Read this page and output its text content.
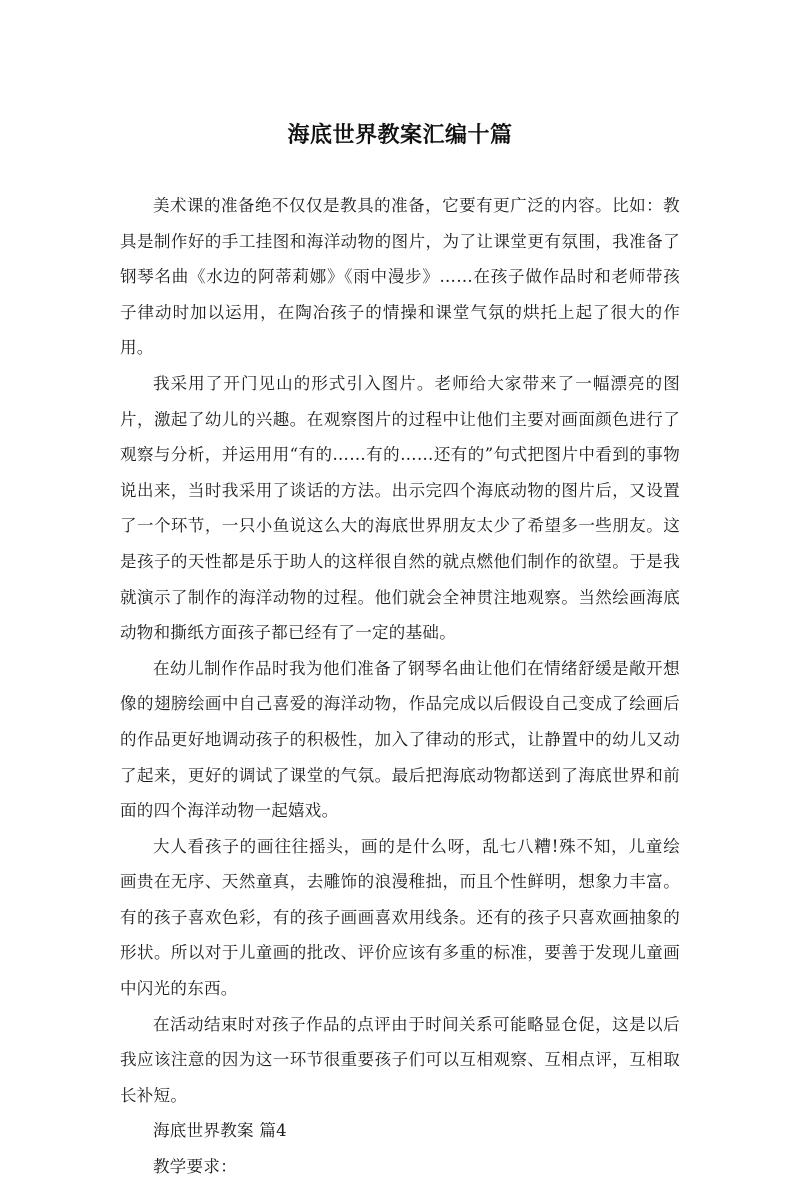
海底世界教案汇编十篇

美术课的准备绝不仅仅是教具的准备，它要有更广泛的内容。比如：教具是制作好的手工挂图和海洋动物的图片，为了让课堂更有氛围，我准备了钢琴名曲《水边的阿蒂莉娜》《雨中漫步》……在孩子做作品时和老师带孩子律动时加以运用，在陶冶孩子的情操和课堂气氛的烘托上起了很大的作用。

我采用了开门见山的形式引入图片。老师给大家带来了一幅漂亮的图片，激起了幼儿的兴趣。在观察图片的过程中让他们主要对画面颜色进行了观察与分析，并运用用“有的……有的……还有的”句式把图片中看到的事物说出来，当时我采用了谈话的方法。出示完四个海底动物的图片后，又设置了一个环节，一只小鱼说这么大的海底世界朋友太少了希望多一些朋友。这是孩子的天性都是乐于助人的这样很自然的就点燃他们制作的欲望。于是我就演示了制作的海洋动物的过程。他们就会全神贯注地观察。当然绘画海底动物和撕纸方面孩子都已经有了一定的基础。

在幼儿制作作品时我为他们准备了钢琴名曲让他们在情绪舒缓是敞开想像的翅膀绘画中自己喜爱的海洋动物，作品完成以后假设自己变成了绘画后的作品更好地调动孩子的积极性，加入了律动的形式，让静置中的幼儿又动了起来，更好的调试了课堂的气氛。最后把海底动物都送到了海底世界和前面的四个海洋动物一起嬉戏。

大人看孩子的画往往摇头，画的是什么呀，乱七八糟!殊不知，儿童绘画贵在无序、天然童真，去雕饰的浪漫稚拙，而且个性鲜明，想象力丰富。有的孩子喜欢色彩，有的孩子画画喜欢用线条。还有的孩子只喜欢画抽象的形状。所以对于儿童画的批改、评价应该有多重的标准，要善于发现儿童画中闪光的东西。

在活动结束时对孩子作品的点评由于时间关系可能略显仓促，这是以后我应该注意的因为这一环节很重要孩子们可以互相观察、互相点评，互相取长补短。

海底世界教案 篇4

教学要求：
